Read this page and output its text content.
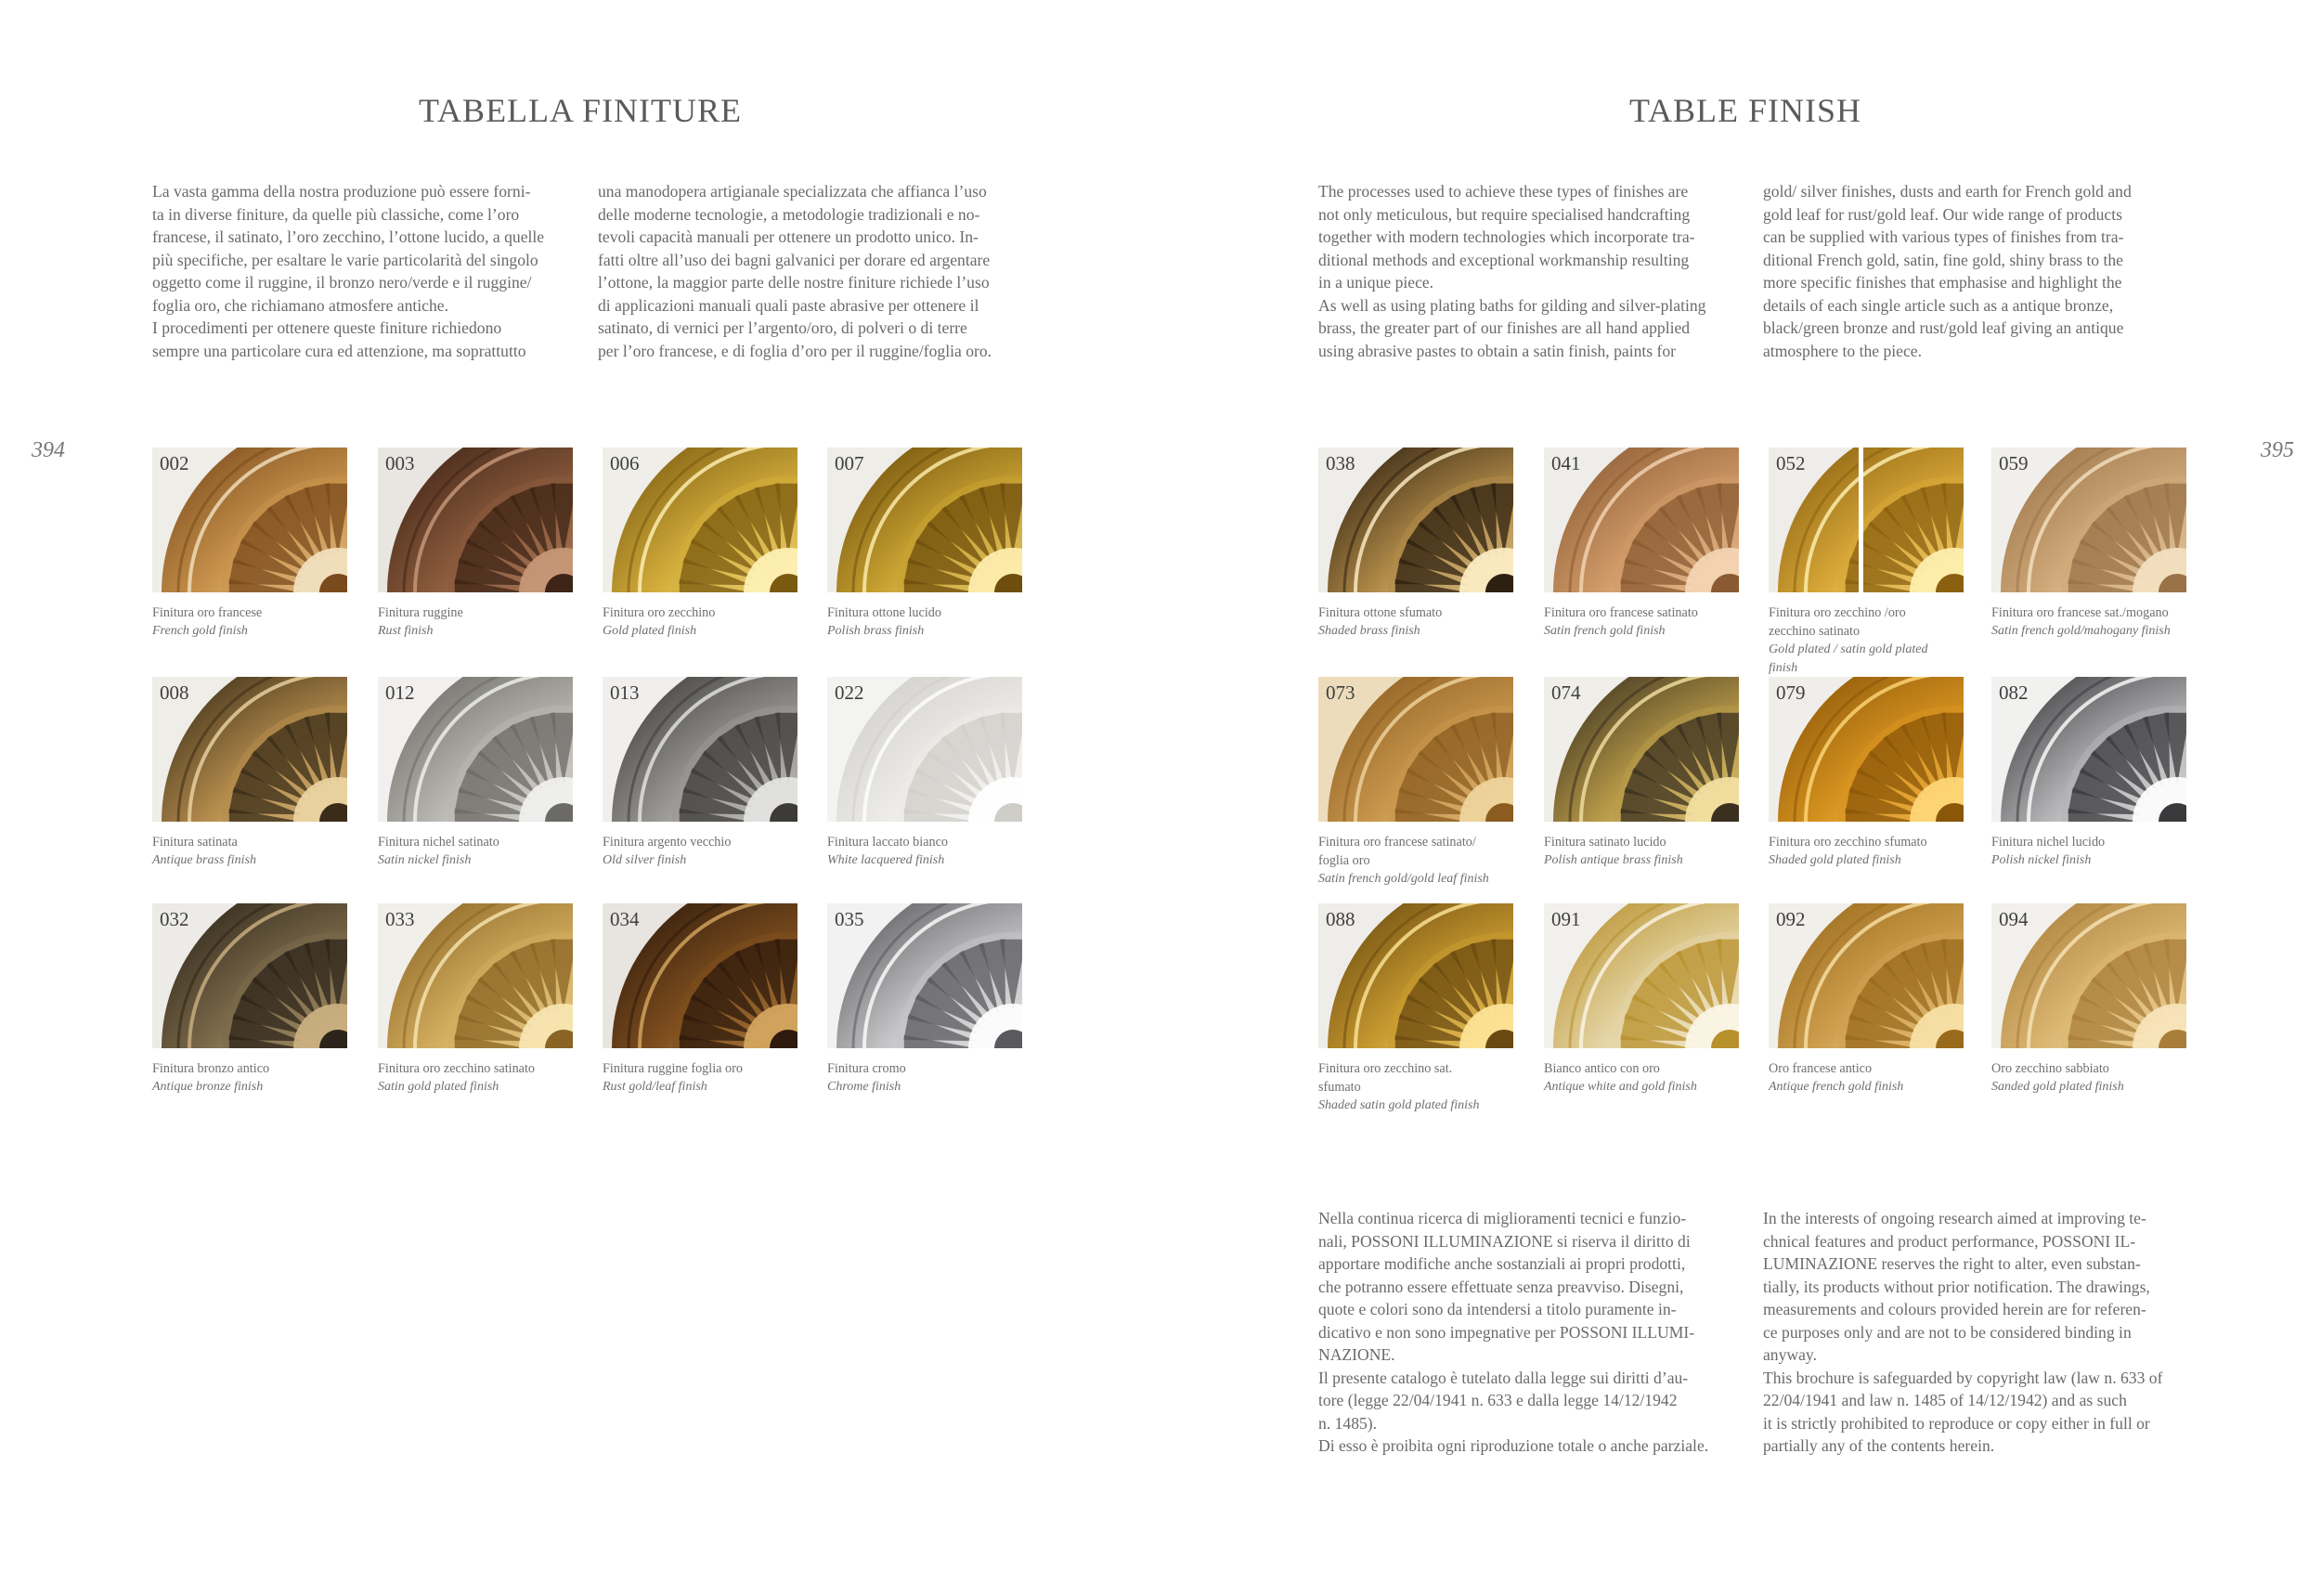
TABELLA FINITURE
394
La vasta gamma della nostra produzione può essere forni-
ta in diverse finiture, da quelle più classiche, come l’oro
francese, il satinato, l’oro zecchino, l’ottone lucido, a quelle
più specifiche, per esaltare le varie particolarità del singolo
oggetto come il ruggine, il bronzo nero/verde e il ruggine/
foglia oro, che richiamano atmosfere antiche.
I procedimenti per ottenere queste finiture richiedono
sempre una particolare cura ed attenzione, ma soprattutto
una manodopera artigianale specializzata che affianca l’uso
delle moderne tecnologie, a metodologie tradizionali e no-
tevoli capacità manuali per ottenere un prodotto unico. In-
fatti oltre all’uso dei bagni galvanici per dorare ed argentare
l’ottone, la maggior parte delle nostre finiture richiede l’uso
di applicazioni manuali quali paste abrasive per ottenere il
satinato, di vernici per l’argento/oro, di polveri o di terre
per l’oro francese, e di foglia d’oro per il ruggine/foglia oro.
002
Finitura oro francese
French gold finish
003
Finitura ruggine
Rust finish
006
Finitura oro zecchino
Gold plated finish
007
Finitura ottone lucido
Polish brass finish
008
Finitura satinata
Antique brass finish
012
Finitura nichel satinato
Satin nickel finish
013
Finitura argento vecchio
Old silver finish
022
Finitura laccato bianco
White lacquered finish
032
Finitura bronzo antico
Antique bronze finish
033
Finitura oro zecchino satinato
Satin gold plated finish
034
Finitura ruggine foglia oro
Rust gold/leaf finish
035
Finitura cromo
Chrome finish
TABLE FINISH
395
The processes used to achieve these types of finishes are
not only meticulous, but require specialised handcrafting
together with modern technologies which incorporate tra-
ditional methods and exceptional workmanship resulting
in a unique piece.
As well as using plating baths for gilding and silver-plating
brass, the greater part of our finishes are all hand applied
using abrasive pastes to obtain a satin finish, paints for
gold/ silver finishes, dusts and earth for French gold and
gold leaf for rust/gold leaf. Our wide range of products
can be supplied with various types of finishes from tra-
ditional French gold, satin, fine gold, shiny brass to the
more specific finishes that emphasise and highlight the
details of each single article such as a antique bronze,
black/green bronze and rust/gold leaf giving an antique
atmosphere to the piece.
038
Finitura ottone sfumato
Shaded brass finish
041
Finitura oro francese satinato
Satin french gold finish
052
Finitura oro zecchino /oro
zecchino satinato
Gold plated / satin gold plated
finish
059
Finitura oro francese sat./mogano
Satin french gold/mahogany finish
073
Finitura oro francese satinato/
foglia oro
Satin french gold/gold leaf finish
074
Finitura satinato lucido
Polish antique brass finish
079
Finitura oro zecchino sfumato
Shaded gold plated finish
082
Finitura nichel lucido
Polish nickel finish
088
Finitura oro zecchino sat.
sfumato
Shaded satin gold plated finish
091
Bianco antico con oro
Antique white and gold finish
092
Oro francese antico
Antique french gold finish
094
Oro zecchino sabbiato
Sanded gold plated finish
Nella continua ricerca di miglioramenti tecnici e funzio-
nali, POSSONI ILLUMINAZIONE si riserva il diritto di
apportare modifiche anche sostanziali ai propri prodotti,
che potranno essere effettuate senza preavviso. Disegni,
quote e colori sono da intendersi a titolo puramente in-
dicativo e non sono impegnative per POSSONI ILLUMI-
NAZIONE.
Il presente catalogo è tutelato dalla legge sui diritti d’au-
tore (legge 22/04/1941 n. 633 e dalla legge 14/12/1942
n. 1485).
Di esso è proibita ogni riproduzione totale o anche parziale.
In the interests of ongoing research aimed at improving te-
chnical features and product performance, POSSONI IL-
LUMINAZIONE reserves the right to alter, even substan-
tially, its products without prior notification. The drawings,
measurements and colours provided herein are for referen-
ce purposes only and are not to be considered binding in
anyway.
This brochure is safeguarded by copyright law (law n. 633 of
22/04/1941 and law n. 1485 of 14/12/1942) and as such
it is strictly prohibited to reproduce or copy either in full or
partially any of the contents herein.
